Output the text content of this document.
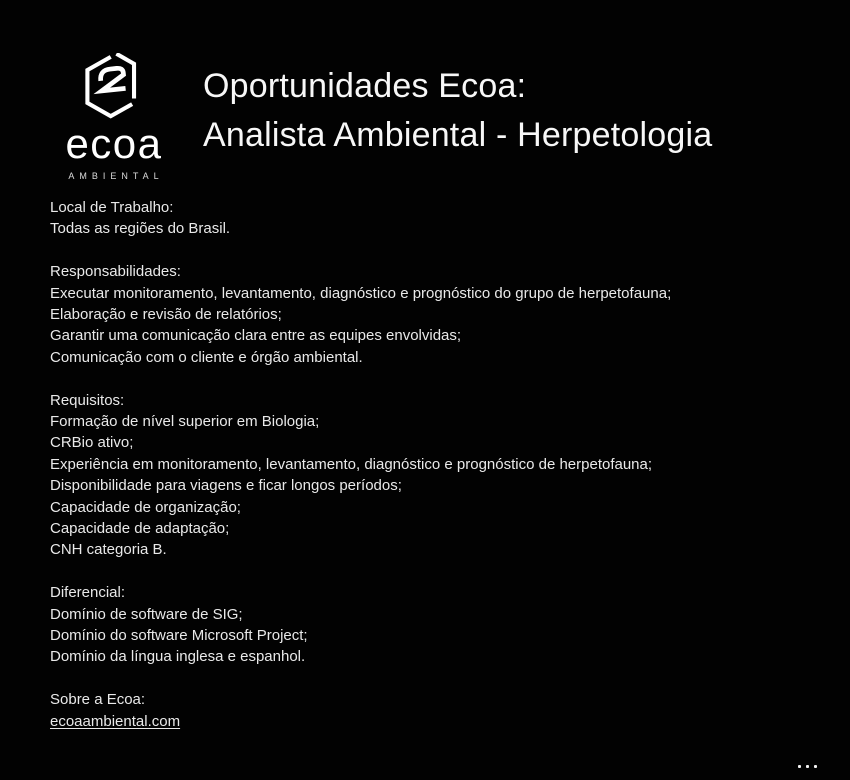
ecoa
AMBIENTAL
Oportunidades Ecoa:
Analista Ambiental - Herpetologia
Local de Trabalho:
Todas as regiões do Brasil.
Responsabilidades:
Executar monitoramento, levantamento, diagnóstico e prognóstico do grupo de herpetofauna;
Elaboração e revisão de relatórios;
Garantir uma comunicação clara entre as equipes envolvidas;
Comunicação com o cliente e órgão ambiental.
Requisitos:
Formação de nível superior em Biologia;
CRBio ativo;
Experiência em monitoramento, levantamento, diagnóstico e prognóstico de herpetofauna;
Disponibilidade para viagens e ficar longos períodos;
Capacidade de organização;
Capacidade de adaptação;
CNH categoria B.
Diferencial:
Domínio de software de SIG;
Domínio do software Microsoft Project;
Domínio da língua inglesa e espanhol.
Sobre a Ecoa:
ecoaambiental.com
